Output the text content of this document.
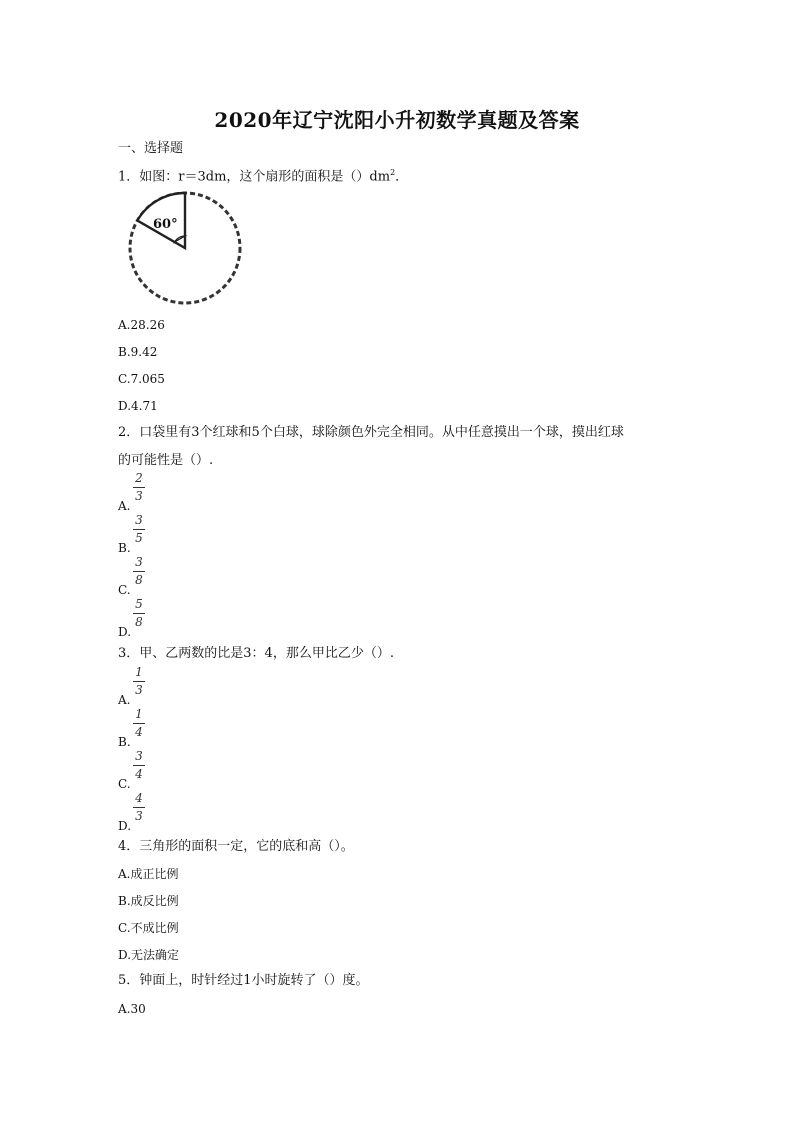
2020年辽宁沈阳小升初数学真题及答案
一、选择题
1．如图：r＝3dm，这个扇形的面积是$()dm^2$．
60°
A.28.26
B.9.42
C.7.065
D.4.71
2．口袋里有3个红球和5个白球，球除颜色外完全相同。从中任意摸出一个球，摸出红球
的可能性是（）.
2
3
A.
3
5
B.
3
8
C.
5
8
D.
3．甲、乙两数的比是3：4，那么甲比乙少（）.
1
3
A.
1
4
B.
3
4
C.
4
3
D.
4．三角形的面积一定，它的底和高（）。
A.成正比例
B.成反比例
C.不成比例
D.无法确定
5．钟面上，时针经过1小时旋转了（）度。
A.30
